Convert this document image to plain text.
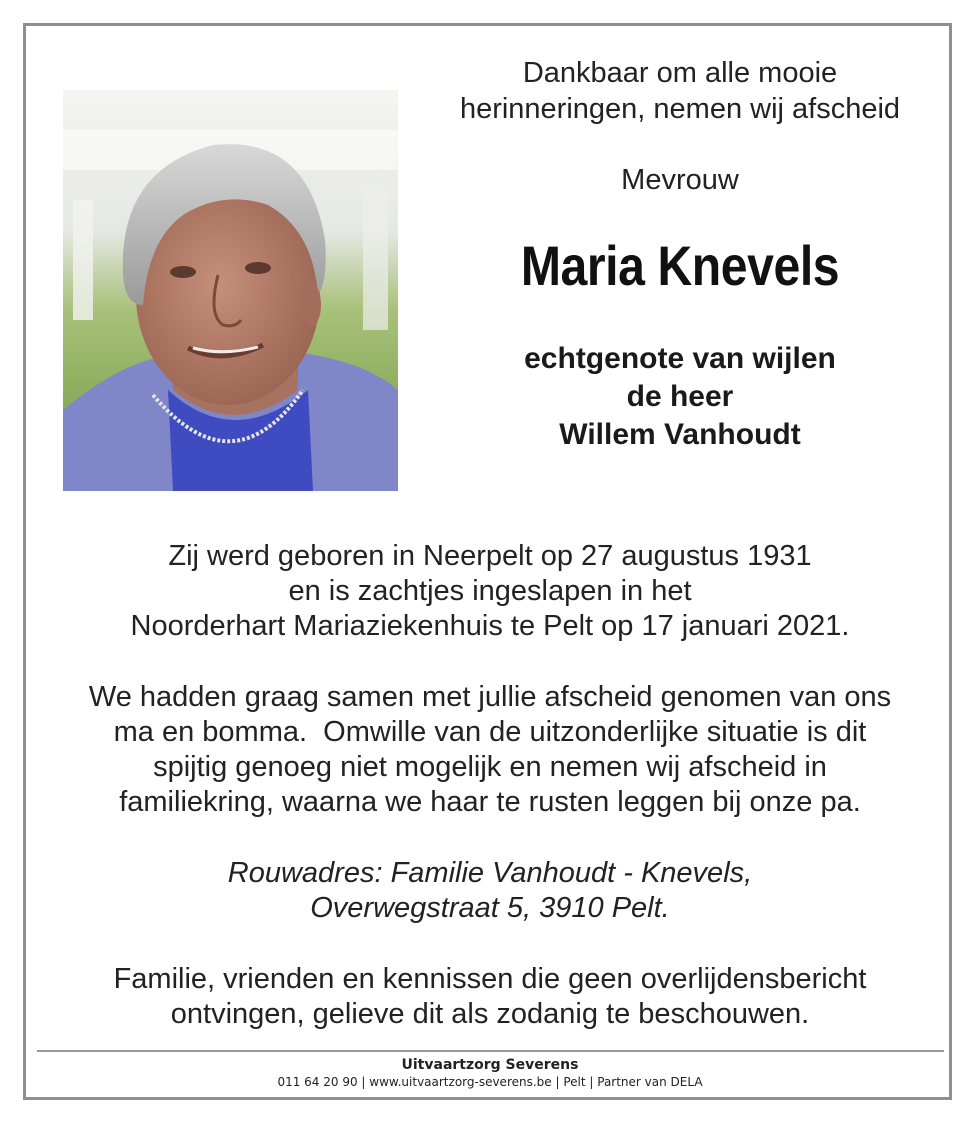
Dankbaar om alle mooie
herinneringen, nemen wij afscheid
Mevrouw
Maria Knevels
echtgenote van wijlen
de heer
Willem Vanhoudt
Zij werd geboren in Neerpelt op 27 augustus 1931
en is zachtjes ingeslapen in het
Noorderhart Mariaziekenhuis te Pelt op 17 januari 2021.
We hadden graag samen met jullie afscheid genomen van ons
ma en bomma.  Omwille van de uitzonderlijke situatie is dit
spijtig genoeg niet mogelijk en nemen wij afscheid in
familiekring, waarna we haar te rusten leggen bij onze pa.
Rouwadres: Familie Vanhoudt - Knevels,
Overwegstraat 5, 3910 Pelt.
Familie, vrienden en kennissen die geen overlijdensbericht
ontvingen, gelieve dit als zodanig te beschouwen.
Uitvaartzorg Severens
011 64 20 90 | www.uitvaartzorg-severens.be | Pelt | Partner van DELA
